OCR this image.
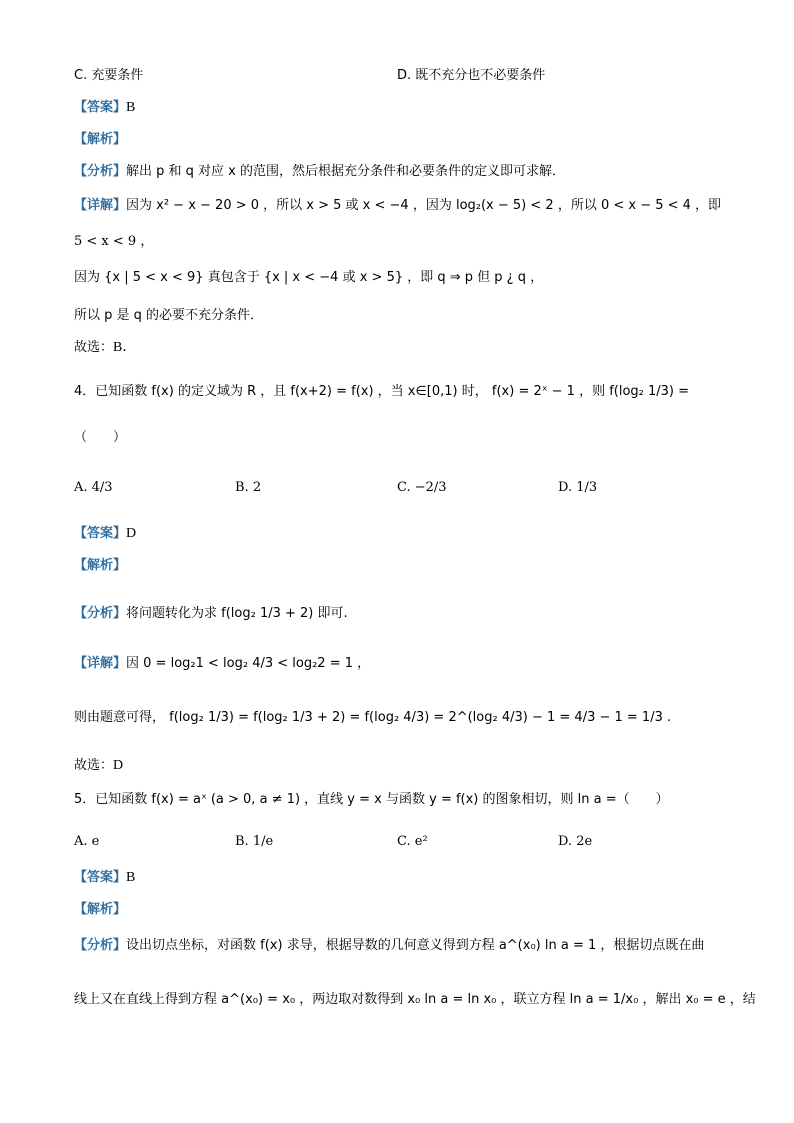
C. 充要条件	D. 既不充分也不必要条件
【答案】B
【解析】
【分析】解出 p 和 q 对应 x 的范围，然后根据充分条件和必要条件的定义即可求解．
【详解】因为 x² − x − 20 > 0 ，所以 x > 5 或 x < −4 ，因为 log₂(x − 5) < 2 ，所以 0 < x − 5 < 4 ，即
5 < x < 9 ，
因为 {x | 5 < x < 9} 真包含于 {x | x < −4 或 x > 5} ，即 q ⇒ p 但 p ¿ q ，
所以 p 是 q 的必要不充分条件．
故选：B．
4．已知函数 f(x) 的定义域为 R ，且 f(x+2) = f(x) ，当 x∈[0,1) 时， f(x) = 2ˣ − 1 ，则 f(log₂ 1/3) =
（　　）
A. 4/3	B. 2	C. −2/3	D. 1/3
【答案】D
【解析】
【分析】将问题转化为求 f(log₂ 1/3 + 2) 即可.
【详解】因 0 = log₂1 < log₂ 4/3 < log₂2 = 1 ，
则由题意可得， f(log₂ 1/3) = f(log₂ 1/3 + 2) = f(log₂ 4/3) = 2^(log₂ 4/3) − 1 = 4/3 − 1 = 1/3 .
故选：D
5．已知函数 f(x) = aˣ (a > 0, a ≠ 1) ，直线 y = x 与函数 y = f(x) 的图象相切，则 ln a =（　　）
A. e	B. 1/e	C. e²	D. 2e
【答案】B
【解析】
【分析】设出切点坐标，对函数 f(x) 求导，根据导数的几何意义得到方程 a^(x₀) ln a = 1 ，根据切点既在曲
线上又在直线上得到方程 a^(x₀) = x₀ ，两边取对数得到 x₀ ln a = ln x₀ ，联立方程 ln a = 1/x₀ ，解出 x₀ = e ，结
